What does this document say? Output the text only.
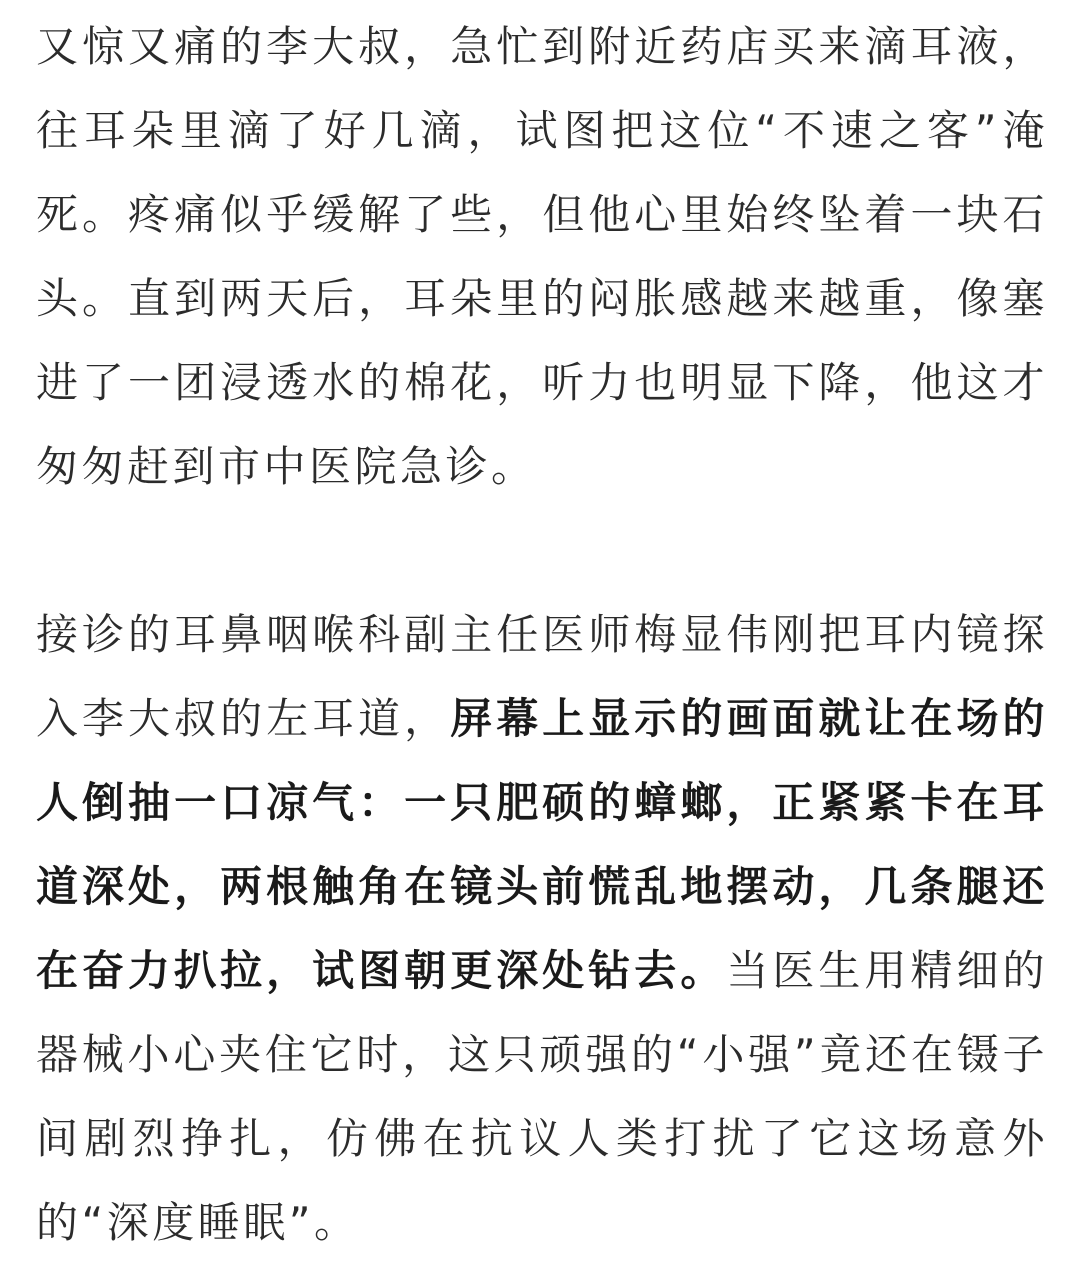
又惊又痛的李大叔，急忙到附近药店买来滴耳液，往耳朵里滴了好几滴，试图把这位“不速之客”淹死。疼痛似乎缓解了些，但他心里始终坠着一块石头。直到两天后，耳朵里的闷胀感越来越重，像塞进了一团浸透水的棉花，听力也明显下降，他这才匆匆赶到市中医院急诊。

接诊的耳鼻咽喉科副主任医师梅显伟刚把耳内镜探入李大叔的左耳道，屏幕上显示的画面就让在场的人倒抽一口凉气：一只肥硕的蟑螂，正紧紧卡在耳道深处，两根触角在镜头前慌乱地摆动，几条腿还在奋力扒拉，试图朝更深处钻去。当医生用精细的器械小心夹住它时，这只顽强的“小强”竟还在镊子间剧烈挣扎，仿佛在抗议人类打扰了它这场意外的“深度睡眠”。
